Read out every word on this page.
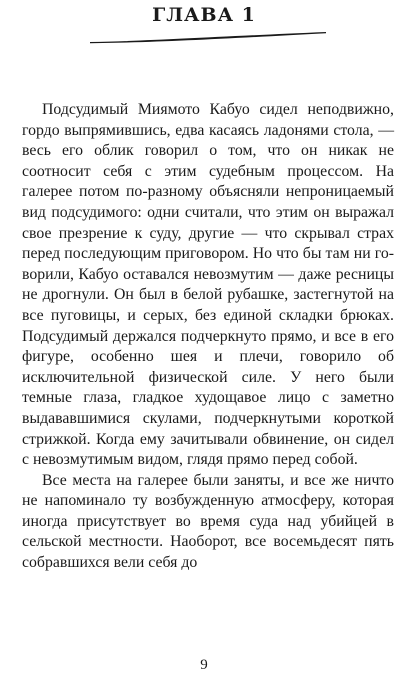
ГЛАВА 1

Подсудимый Миямото Кабуо сидел неподвижно, гордо выпрямившись, едва касаясь ладонями стола, — весь его облик говорил о том, что он никак не соотносит себя с этим судебным процессом. На галерее потом по-разному объясняли непроницаемый вид подсудимого: одни считали, что этим он выражал свое презрение к суду, другие — что скрывал страх перед последующим приговором. Но что бы там ни говорили, Кабуо оставался невозмутим — даже ресницы не дрогнули. Он был в белой рубашке, застегнутой на все пуговицы, и серых, без единой складки брюках. Подсудимый держался подчеркнуто прямо, и все в его фигуре, особенно шея и плечи, говорило об исключительной физической силе. У него были темные глаза, гладкое худощавое лицо с заметно выдававшимися скулами, подчеркнутыми короткой стрижкой. Когда ему зачитывали обвинение, он сидел с невозмутимым видом, глядя прямо перед собой.

Все места на галерее были заняты, и все же ничто не напоминало ту возбужденную атмосферу, которая иногда присутствует во время суда над убийцей в сельской местности. Наоборот, все восемьдесят пять собравшихся вели себя до

9
